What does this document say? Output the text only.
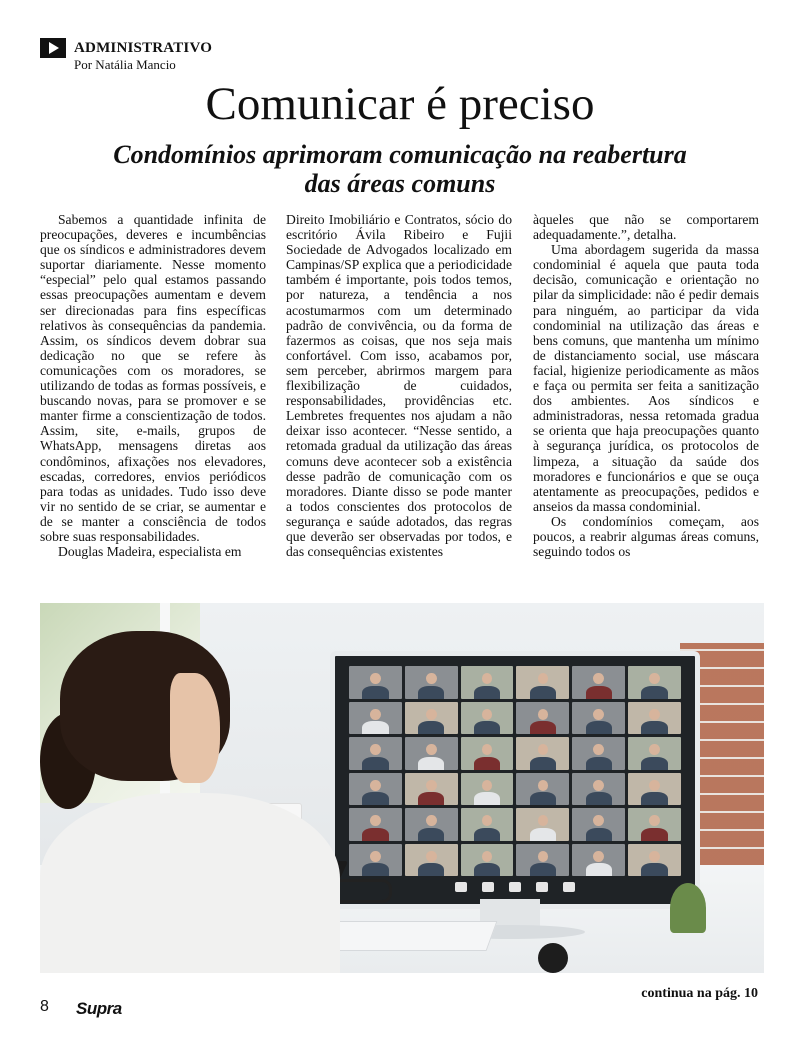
ADMINISTRATIVO
Por Natália Mancio
Comunicar é preciso
Condomínios aprimoram comunicação na reabertura das áreas comuns

Sabemos a quantidade infinita de preocupações, deveres e incumbências que os síndicos e administradores devem suportar diariamente. Nesse momento “especial” pelo qual estamos passando essas preocupações aumentam e devem ser direcionadas para fins específicas relativos às consequências da pandemia. Assim, os síndicos devem dobrar sua dedicação no que se refere às comunicações com os moradores, se utilizando de todas as formas possíveis, e buscando novas, para se promover e se manter firme a conscientização de todos. Assim, site, e-mails, grupos de WhatsApp, mensagens diretas aos condôminos, afixações nos elevadores, escadas, corredores, envios periódicos para todas as unidades. Tudo isso deve vir no sentido de se criar, se aumentar e de se manter a consciência de todos sobre suas responsabilidades.

Douglas Madeira, especialista em

Direito Imobiliário e Contratos, sócio do escritório Ávila Ribeiro e Fujii Sociedade de Advogados localizado em Campinas/SP explica que a periodicidade também é importante, pois todos temos, por natureza, a tendência a nos acostumarmos com um determinado padrão de convivência, ou da forma de fazermos as coisas, que nos seja mais confortável. Com isso, acabamos por, sem perceber, abrirmos margem para flexibilização de cuidados, responsabilidades, providências etc. Lembretes frequentes nos ajudam a não deixar isso acontecer. “Nesse sentido, a retomada gradual da utilização das áreas comuns deve acontecer sob a existência desse padrão de comunicação com os moradores. Diante disso se pode manter a todos conscientes dos protocolos de segurança e saúde adotados, das regras que deverão ser observadas por todos, e das consequências existentes

àqueles que não se comportarem adequadamente.”, detalha.

Uma abordagem sugerida da massa condominial é aquela que pauta toda decisão, comunicação e orientação no pilar da simplicidade: não é pedir demais para ninguém, ao participar da vida condominial na utilização das áreas e bens comuns, que mantenha um mínimo de distanciamento social, use máscara facial, higienize periodicamente as mãos e faça ou permita ser feita a sanitização dos ambientes. Aos síndicos e administradoras, nessa retomada gradua se orienta que haja preocupações quanto à segurança jurídica, os protocolos de limpeza, a situação da saúde dos moradores e funcionários e que se ouça atentamente as preocupações, pedidos e anseios da massa condominial.

Os condomínios começam, aos poucos, a reabrir algumas áreas comuns, seguindo todos os

8 Supra
continua na pág. 10
